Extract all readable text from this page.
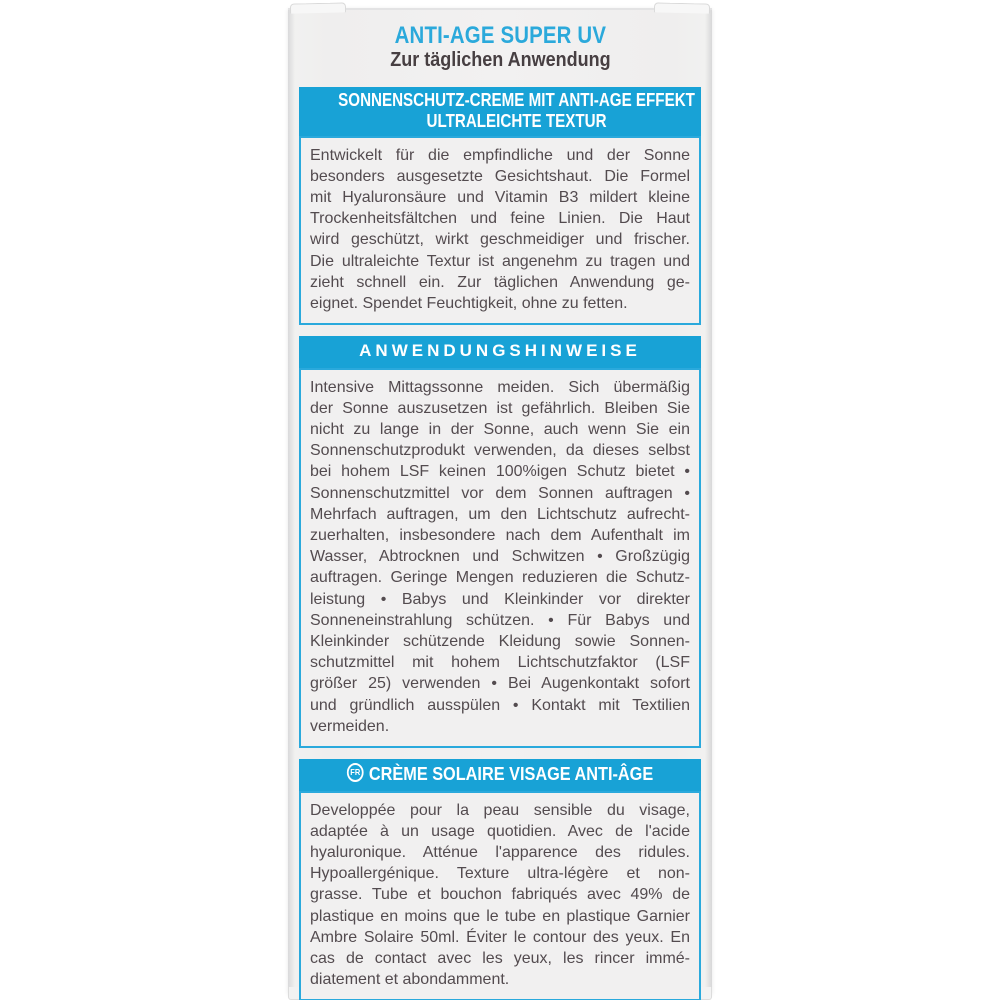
ANTI-AGE SUPER UV
Zur täglichen Anwendung
SONNENSCHUTZ-CREME MIT ANTI-AGE EFFEKT
ULTRALEICHTE TEXTUR
Entwickelt für die empfindliche und der Sonne
besonders ausgesetzte Gesichtshaut. Die Formel
mit Hyaluronsäure und Vitamin B3 mildert kleine
Trockenheitsfältchen und feine Linien. Die Haut
wird geschützt, wirkt geschmeidiger und frischer.
Die ultraleichte Textur ist angenehm zu tragen und
zieht schnell ein. Zur täglichen Anwendung ge-
eignet. Spendet Feuchtigkeit, ohne zu fetten.
ANWENDUNGSHINWEISE
Intensive Mittagssonne meiden. Sich übermäßig
der Sonne auszusetzen ist gefährlich. Bleiben Sie
nicht zu lange in der Sonne, auch wenn Sie ein
Sonnenschutzprodukt verwenden, da dieses selbst
bei hohem LSF keinen 100%igen Schutz bietet •
Sonnenschutzmittel vor dem Sonnen auftragen •
Mehrfach auftragen, um den Lichtschutz aufrecht-
zuerhalten, insbesondere nach dem Aufenthalt im
Wasser, Abtrocknen und Schwitzen • Großzügig
auftragen. Geringe Mengen reduzieren die Schutz-
leistung • Babys und Kleinkinder vor direkter
Sonneneinstrahlung schützen. • Für Babys und
Kleinkinder schützende Kleidung sowie Sonnen-
schutzmittel mit hohem Lichtschutzfaktor (LSF
größer 25) verwenden • Bei Augenkontakt sofort
und gründlich ausspülen • Kontakt mit Textilien
vermeiden.
FR CRÈME SOLAIRE VISAGE ANTI-ÂGE
Developpée pour la peau sensible du visage,
adaptée à un usage quotidien. Avec de l'acide
hyaluronique. Atténue l'apparence des ridules.
Hypoallergénique. Texture ultra-légère et non-
grasse. Tube et bouchon fabriqués avec 49% de
plastique en moins que le tube en plastique Garnier
Ambre Solaire 50ml. Éviter le contour des yeux. En
cas de contact avec les yeux, les rincer immé-
diatement et abondamment.
